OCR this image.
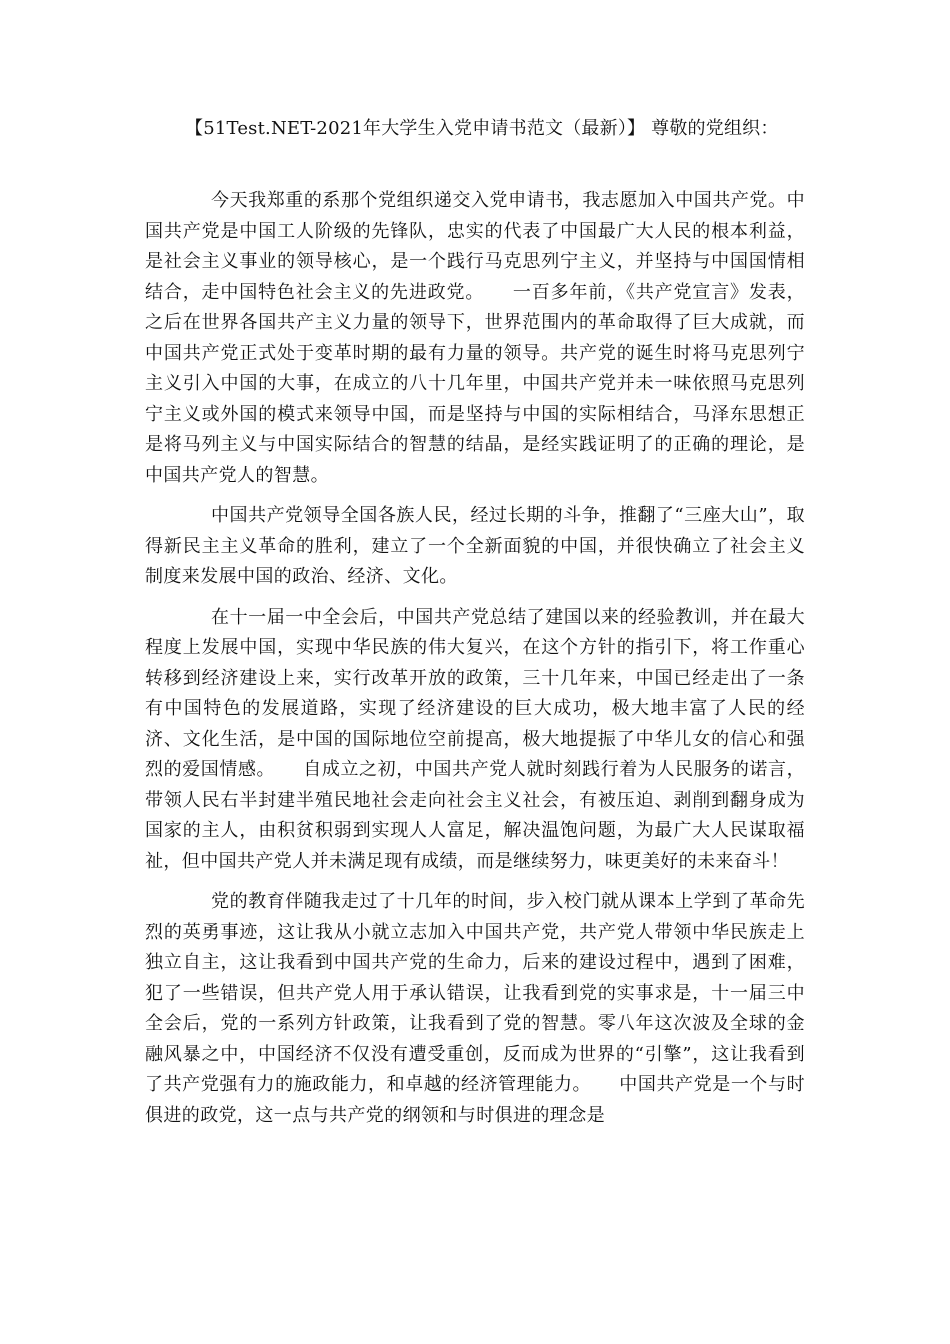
【51Test.NET-2021年大学生入党申请书范文（最新）】 尊敬的党组织：

今天我郑重的系那个党组织递交入党申请书，我志愿加入中国共产党。中国共产党是中国工人阶级的先锋队，忠实的代表了中国最广大人民的根本利益，是社会主义事业的领导核心，是一个践行马克思列宁主义，并坚持与中国国情相结合，走中国特色社会主义的先进政党。　　一百多年前，《共产党宣言》发表，之后在世界各国共产主义力量的领导下，世界范围内的革命取得了巨大成就，而中国共产党正式处于变革时期的最有力量的领导。共产党的诞生时将马克思列宁主义引入中国的大事，在成立的八十几年里，中国共产党并未一味依照马克思列宁主义或外国的模式来领导中国，而是坚持与中国的实际相结合，马泽东思想正是将马列主义与中国实际结合的智慧的结晶，是经实践证明了的正确的理论，是中国共产党人的智慧。

中国共产党领导全国各族人民，经过长期的斗争，推翻了“三座大山”，取得新民主主义革命的胜利，建立了一个全新面貌的中国，并很快确立了社会主义制度来发展中国的政治、经济、文化。

在十一届一中全会后，中国共产党总结了建国以来的经验教训，并在最大程度上发展中国，实现中华民族的伟大复兴，在这个方针的指引下，将工作重心转移到经济建设上来，实行改革开放的政策，三十几年来，中国已经走出了一条有中国特色的发展道路，实现了经济建设的巨大成功，极大地丰富了人民的经济、文化生活，是中国的国际地位空前提高，极大地提振了中华儿女的信心和强烈的爱国情感。　　自成立之初，中国共产党人就时刻践行着为人民服务的诺言，带领人民右半封建半殖民地社会走向社会主义社会，有被压迫、剥削到翻身成为国家的主人，由积贫积弱到实现人人富足，解决温饱问题，为最广大人民谋取福祉，但中国共产党人并未满足现有成绩，而是继续努力，味更美好的未来奋斗！

党的教育伴随我走过了十几年的时间，步入校门就从课本上学到了革命先烈的英勇事迹，这让我从小就立志加入中国共产党，共产党人带领中华民族走上独立自主，这让我看到中国共产党的生命力，后来的建设过程中，遇到了困难，犯了一些错误，但共产党人用于承认错误，让我看到党的实事求是，十一届三中全会后，党的一系列方针政策，让我看到了党的智慧。零八年这次波及全球的金融风暴之中，中国经济不仅没有遭受重创，反而成为世界的“引擎”，这让我看到了共产党强有力的施政能力，和卓越的经济管理能力。　　中国共产党是一个与时俱进的政党，这一点与共产党的纲领和与时俱进的理念是
